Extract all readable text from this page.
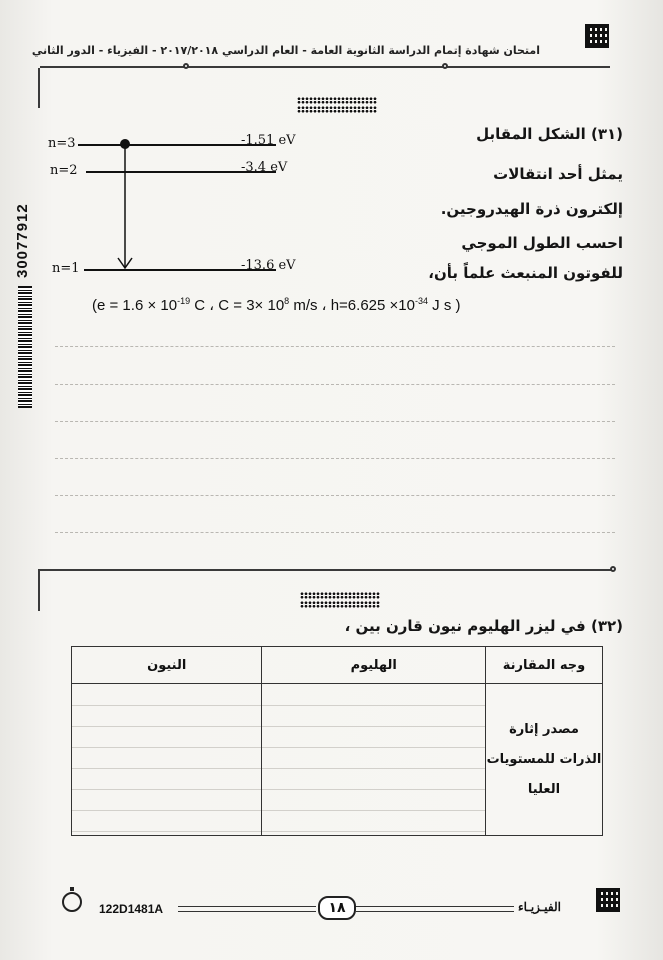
امتحان شهادة إتمام الدراسة الثانوية العامة - العام الدراسي ٢٠١٧/٢٠١٨ - الفيزياء - الدور الثاني
30077912
(٣١) الشكل المقابل
يمثل أحد انتقالات
إلكترون ذرة الهيدروجين.
احسب الطول الموجي
للفوتون المنبعث علماً بأن،
n=3
n=2
n=1
-1.51 eV
-3.4 eV
-13.6 eV
($e = 1.6 \times 10^{-19}$ C ، $C = 3\times 10^8$ m/s ، $h=6.625 \times 10^{-34}$ J s )
(٣٢) في ليزر الهليوم نيون قارن بين ،
وجه المقارنة	الهليوم	النيون

مصدر إثارة
الذرات للمستويات
العليا		

122D1481A	١٨	الفيـزيـاء
